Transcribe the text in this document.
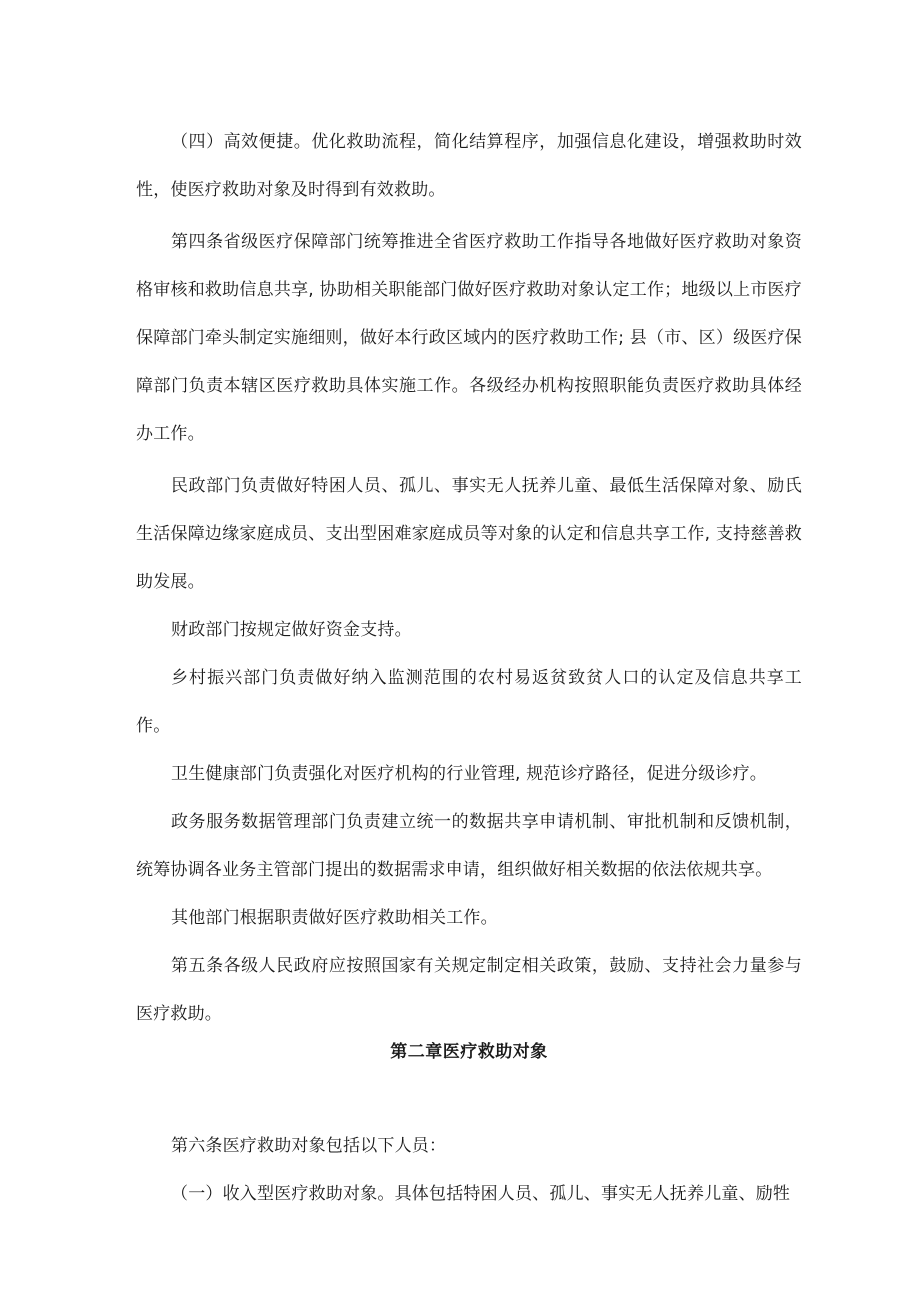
（四）高效便捷。优化救助流程，简化结算程序，加强信息化建设，增强救助时效性，使医疗救助对象及时得到有效救助。

第四条省级医疗保障部门统筹推进全省医疗救助工作指导各地做好医疗救助对象资格审核和救助信息共享, 协助相关职能部门做好医疗救助对象认定工作；地级以上市医疗保障部门牵头制定实施细则，做好本行政区域内的医疗救助工作; 县（市、区）级医疗保障部门负责本辖区医疗救助具体实施工作。各级经办机构按照职能负责医疗救助具体经办工作。

民政部门负责做好特困人员、孤儿、事实无人抚养儿童、最低生活保障对象、励氏生活保障边缘家庭成员、支出型困难家庭成员等对象的认定和信息共享工作, 支持慈善救助发展。

财政部门按规定做好资金支持。

乡村振兴部门负责做好纳入监测范围的农村易返贫致贫人口的认定及信息共享工作。

卫生健康部门负责强化对医疗机构的行业管理, 规范诊疗路径，促进分级诊疗。

政务服务数据管理部门负责建立统一的数据共享申请机制、审批机制和反馈机制，统筹协调各业务主管部门提出的数据需求申请，组织做好相关数据的依法依规共享。

其他部门根据职责做好医疗救助相关工作。

第五条各级人民政府应按照国家有关规定制定相关政策，鼓励、支持社会力量参与医疗救助。

第二章医疗救助对象

第六条医疗救助对象包括以下人员：

（一）收入型医疗救助对象。具体包括特困人员、孤儿、事实无人抚养儿童、励牲
